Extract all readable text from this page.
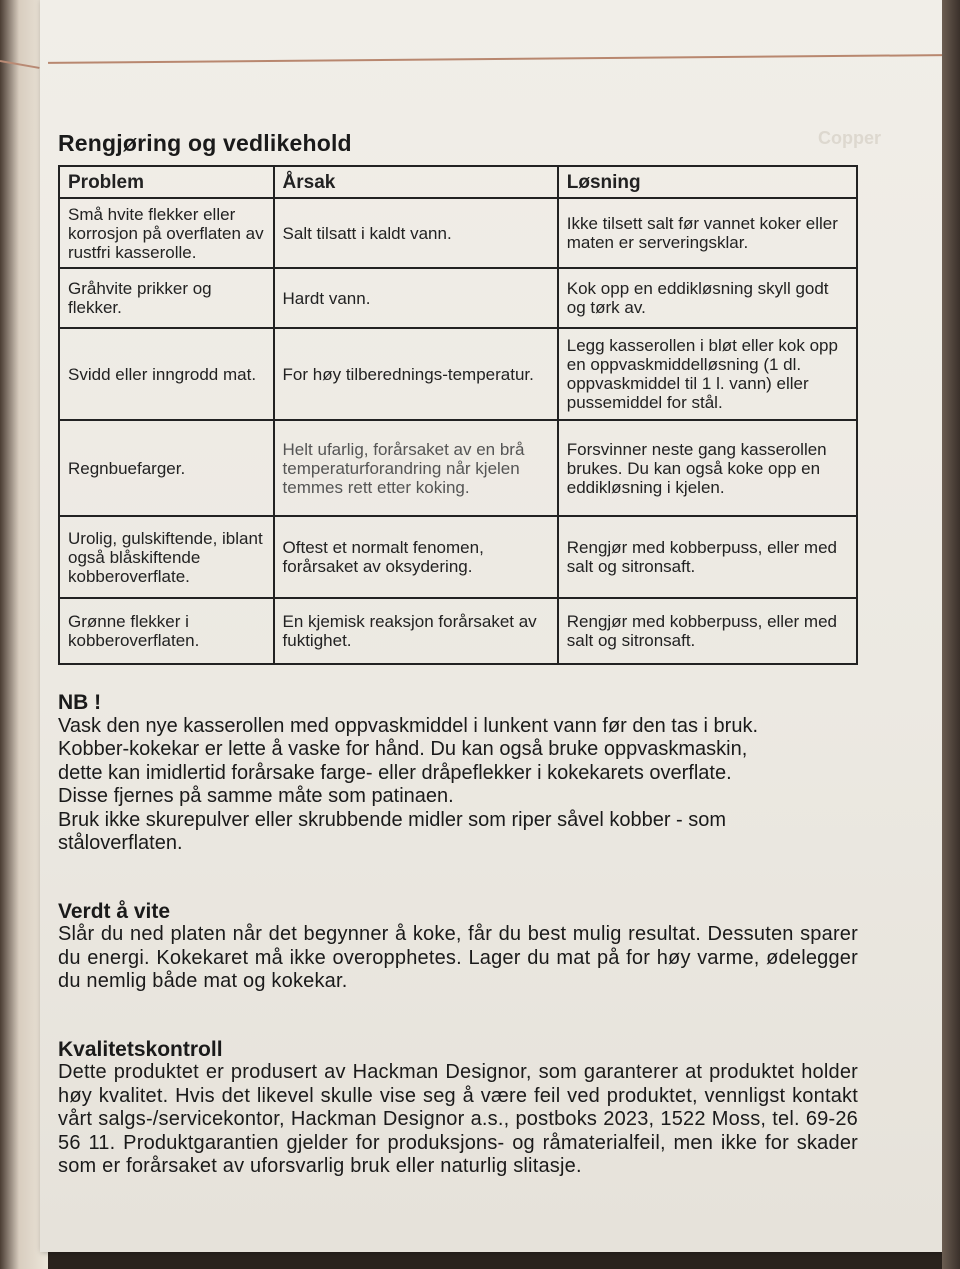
Copper
Rengjøring og vedlikehold
Problem	Årsak	Løsning
Små hvite flekker eller korrosjon på overflaten av rustfri kasserolle.	Salt tilsatt i kaldt vann.	Ikke tilsett salt før vannet koker eller maten er serveringsklar.
Gråhvite prikker og flekker.	Hardt vann.	Kok opp en eddikløsning skyll godt og tørk av.
Svidd eller inngrodd mat.	For høy tilberednings-temperatur.	Legg kasserollen i bløt eller kok opp en oppvaskmiddelløsning (1 dl. oppvaskmiddel til 1 l. vann) eller pussemiddel for stål.
Regnbuefarger.	Helt ufarlig, forårsaket av en brå temperaturforandring når kjelen temmes rett etter koking.	Forsvinner neste gang kasserollen brukes. Du kan også koke opp en eddikløsning i kjelen.
Urolig, gulskiftende, iblant også blåskiftende kobberoverflate.	Oftest et normalt fenomen, forårsaket av oksydering.	Rengjør med kobberpuss, eller med salt og sitronsaft.
Grønne flekker i kobberoverflaten.	En kjemisk reaksjon forårsaket av fuktighet.	Rengjør med kobberpuss, eller med salt og sitronsaft.
NB !

Vask den nye kasserollen med oppvaskmiddel i lunkent vann før den tas i bruk.

Kobber-kokekar er lette å vaske for hånd. Du kan også bruke oppvaskmaskin,

dette kan imidlertid forårsake farge- eller dråpeflekker i kokekarets overflate.

Disse fjernes på samme måte som patinaen.

Bruk ikke skurepulver eller skrubbende midler som riper såvel kobber - som

ståloverflaten.

Verdt å vite

Slår du ned platen når det begynner å koke, får du best mulig resultat. Dessuten sparer du energi. Kokekaret må ikke overopphetes. Lager du mat på for høy varme, ødelegger du nemlig både mat og kokekar.

Kvalitetskontroll

Dette produktet er produsert av Hackman Designor, som garanterer at produktet holder høy kvalitet. Hvis det likevel skulle vise seg å være feil ved produktet, vennligst kontakt vårt salgs-/servicekontor, Hackman Designor a.s., postboks 2023, 1522 Moss, tel. 69-26 56 11. Produktgarantien gjelder for produksjons- og råmaterialfeil, men ikke for skader som er forårsaket av uforsvarlig bruk eller naturlig slitasje.
